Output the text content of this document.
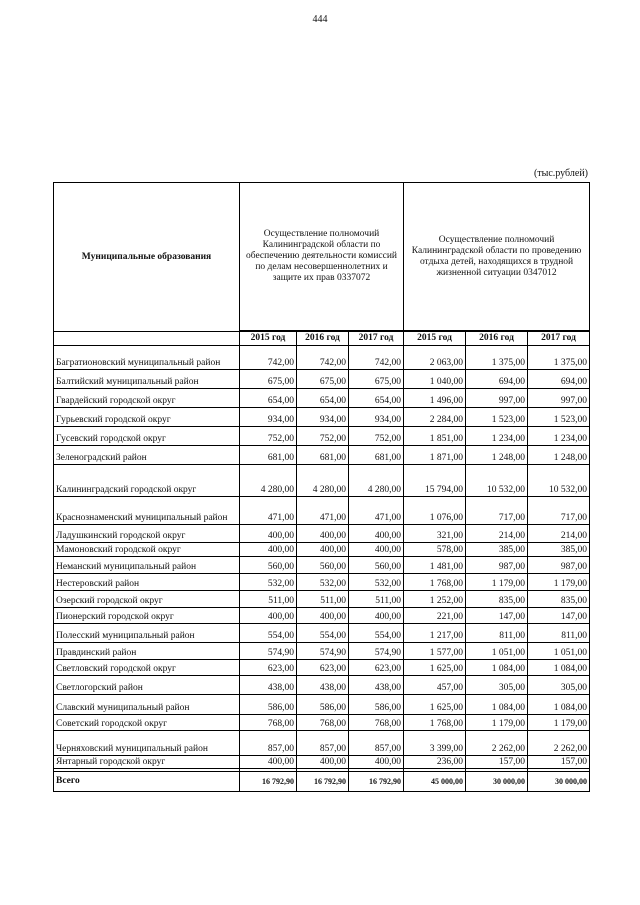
444
(тыс.рублей)
Муниципальные образования	Осуществление полномочий Калининградской области по обеспечению деятельности комиссий по делам несовершеннолетних и защите их прав 0337072			Осуществление полномочий Калининградской области по проведению отдыха детей, находящихся в трудной жизненной ситуации 0347012		

	2015 год	2016 год	2017 год	2015 год	2016 год	2017 год
Багратионовский муниципальный район	742,00	742,00	742,00	2 063,00	1 375,00	1 375,00
Балтийский муниципальный район	675,00	675,00	675,00	1 040,00	694,00	694,00
Гвардейский городской округ	654,00	654,00	654,00	1 496,00	997,00	997,00
Гурьевский городской округ	934,00	934,00	934,00	2 284,00	1 523,00	1 523,00
Гусевский городской округ	752,00	752,00	752,00	1 851,00	1 234,00	1 234,00
Зеленоградский район	681,00	681,00	681,00	1 871,00	1 248,00	1 248,00
Калининградский городской округ	4 280,00	4 280,00	4 280,00	15 794,00	10 532,00	10 532,00
Краснознаменский муниципальный район	471,00	471,00	471,00	1 076,00	717,00	717,00
Ладушкинский городской округ	400,00	400,00	400,00	321,00	214,00	214,00
Мамоновский городской округ	400,00	400,00	400,00	578,00	385,00	385,00
Неманский муниципальный район	560,00	560,00	560,00	1 481,00	987,00	987,00
Нестеровский район	532,00	532,00	532,00	1 768,00	1 179,00	1 179,00
Озерский городской округ	511,00	511,00	511,00	1 252,00	835,00	835,00
Пионерский городской округ	400,00	400,00	400,00	221,00	147,00	147,00
Полесский муниципальный район	554,00	554,00	554,00	1 217,00	811,00	811,00
Правдинский район	574,90	574,90	574,90	1 577,00	1 051,00	1 051,00
Светловский городской округ	623,00	623,00	623,00	1 625,00	1 084,00	1 084,00
Светлогорский район	438,00	438,00	438,00	457,00	305,00	305,00
Славский муниципальный район	586,00	586,00	586,00	1 625,00	1 084,00	1 084,00
Советский городской округ	768,00	768,00	768,00	1 768,00	1 179,00	1 179,00
Черняховский муниципальный район	857,00	857,00	857,00	3 399,00	2 262,00	2 262,00
Янтарный городской округ	400,00	400,00	400,00	236,00	157,00	157,00

Всего	16 792,90	16 792,90	16 792,90	45 000,00	30 000,00	30 000,00
